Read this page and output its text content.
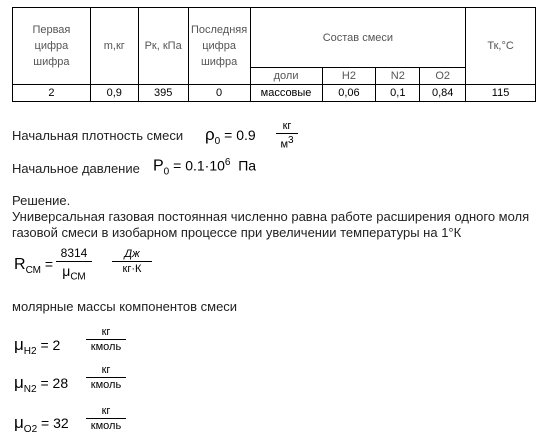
Первая цифра шифра	m,кг	Рк, кПа	Последняя цифра шифра	Состав смеси				Тк,°С
				доли	H2	N2	O2	
2	0,9	395	0	массовые	0,06	0,1	0,84	115
Начальная плотность смеси $\rho_0 = 0.9$
кг
$м^3$
Начальное давление $P_0 = 0.1\cdot 10^6$ Па
Решение.
Универсальная газовая постоянная численно равна работе расширения одного моля
газовой смеси в изобарном процессе при увеличении температуры на 1°К
$R_{СМ}$ =
8314
$\mu_{СМ}$
Дж
кг·К
молярные массы компонентов смеси
$\mu_{H2} = 2$
кг
кмоль
$\mu_{N2} = 28$
кг
кмоль
$\mu_{O2} = 32$
кг
кмоль
